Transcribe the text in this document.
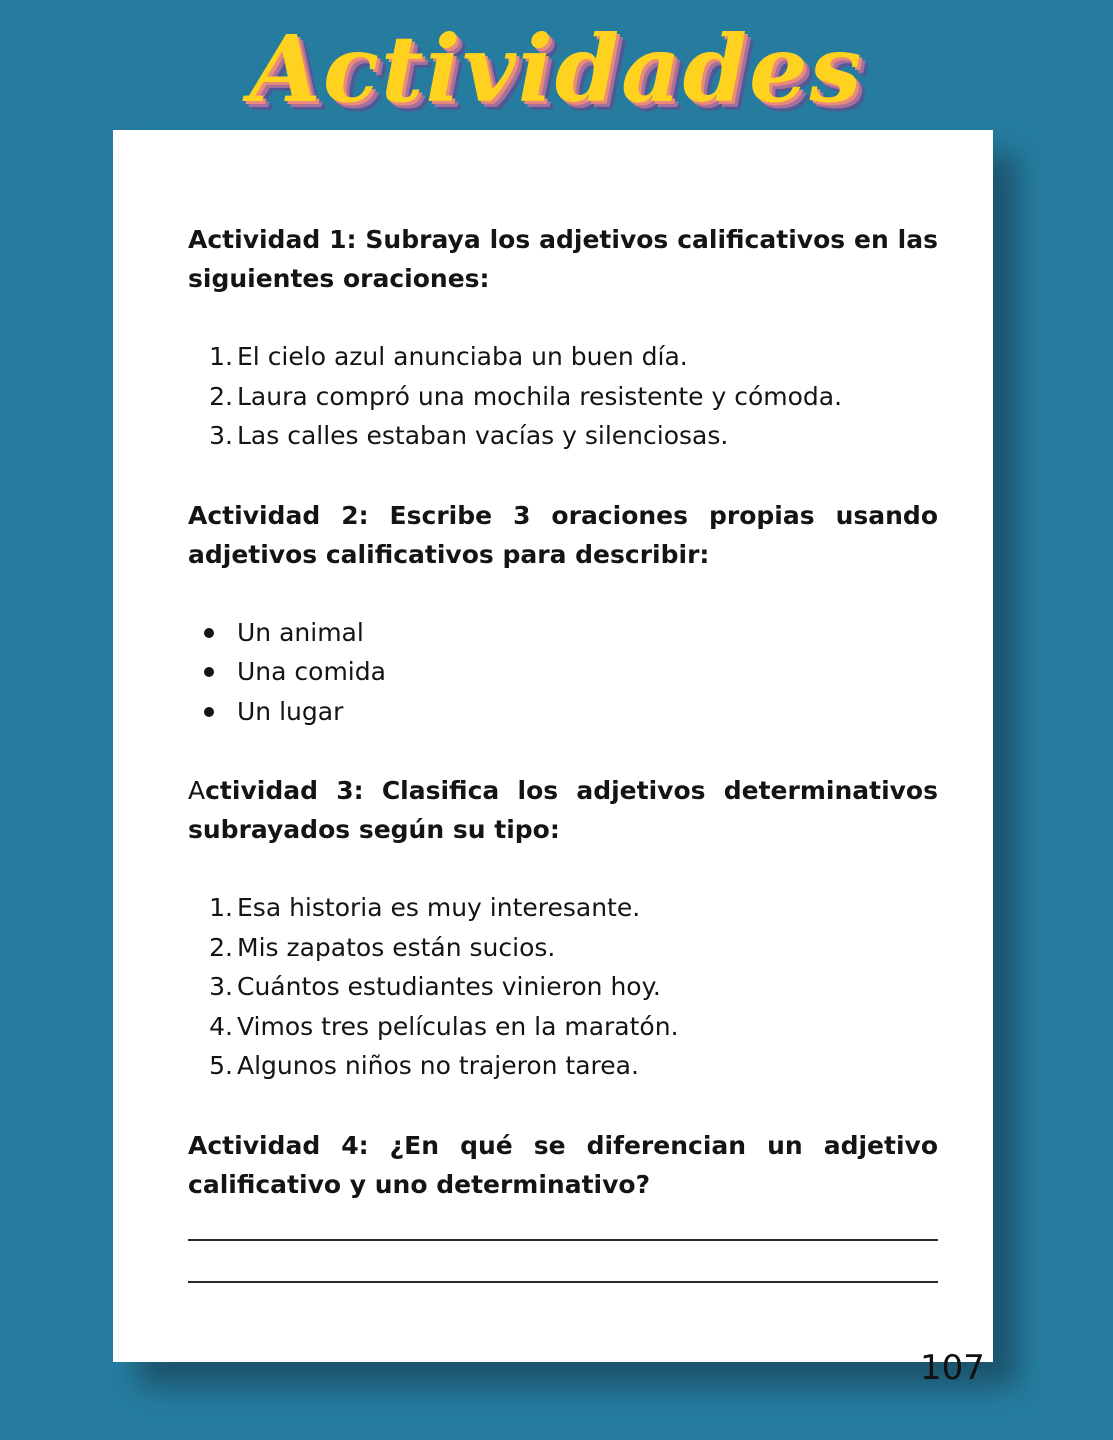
Actividades

Actividad 1: Subraya los adjetivos calificativos en las siguientes oraciones:

1. El cielo azul anunciaba un buen día.
2. Laura compró una mochila resistente y cómoda.
3. Las calles estaban vacías y silenciosas.

Actividad 2: Escribe 3 oraciones propias usando adjetivos calificativos para describir:

Un animal
Una comida
Un lugar

Actividad 3: Clasifica los adjetivos determinativos subrayados según su tipo:

1. Esa historia es muy interesante.
2. Mis zapatos están sucios.
3. Cuántos estudiantes vinieron hoy.
4. Vimos tres películas en la maratón.
5. Algunos niños no trajeron tarea.

Actividad 4: ¿En qué se diferencian un adjetivo calificativo y uno determinativo?

107
